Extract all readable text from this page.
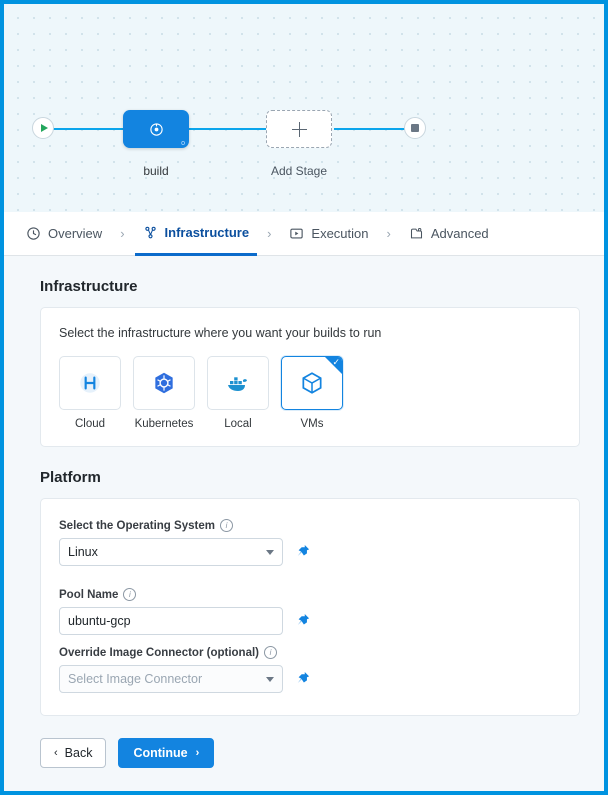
o
build	Add Stage
Overview	›	Infrastructure	›	Execution	›	Advanced
Infrastructure
Select the infrastructure where you want your builds to run
Cloud	Kubernetes	Local
✓
VMs
Platform
Select the Operating System	i
Linux
Pool Name	i
ubuntu-gcp
Override Image Connector (optional)	i
Select Image Connector
‹ Back	Continue ›
